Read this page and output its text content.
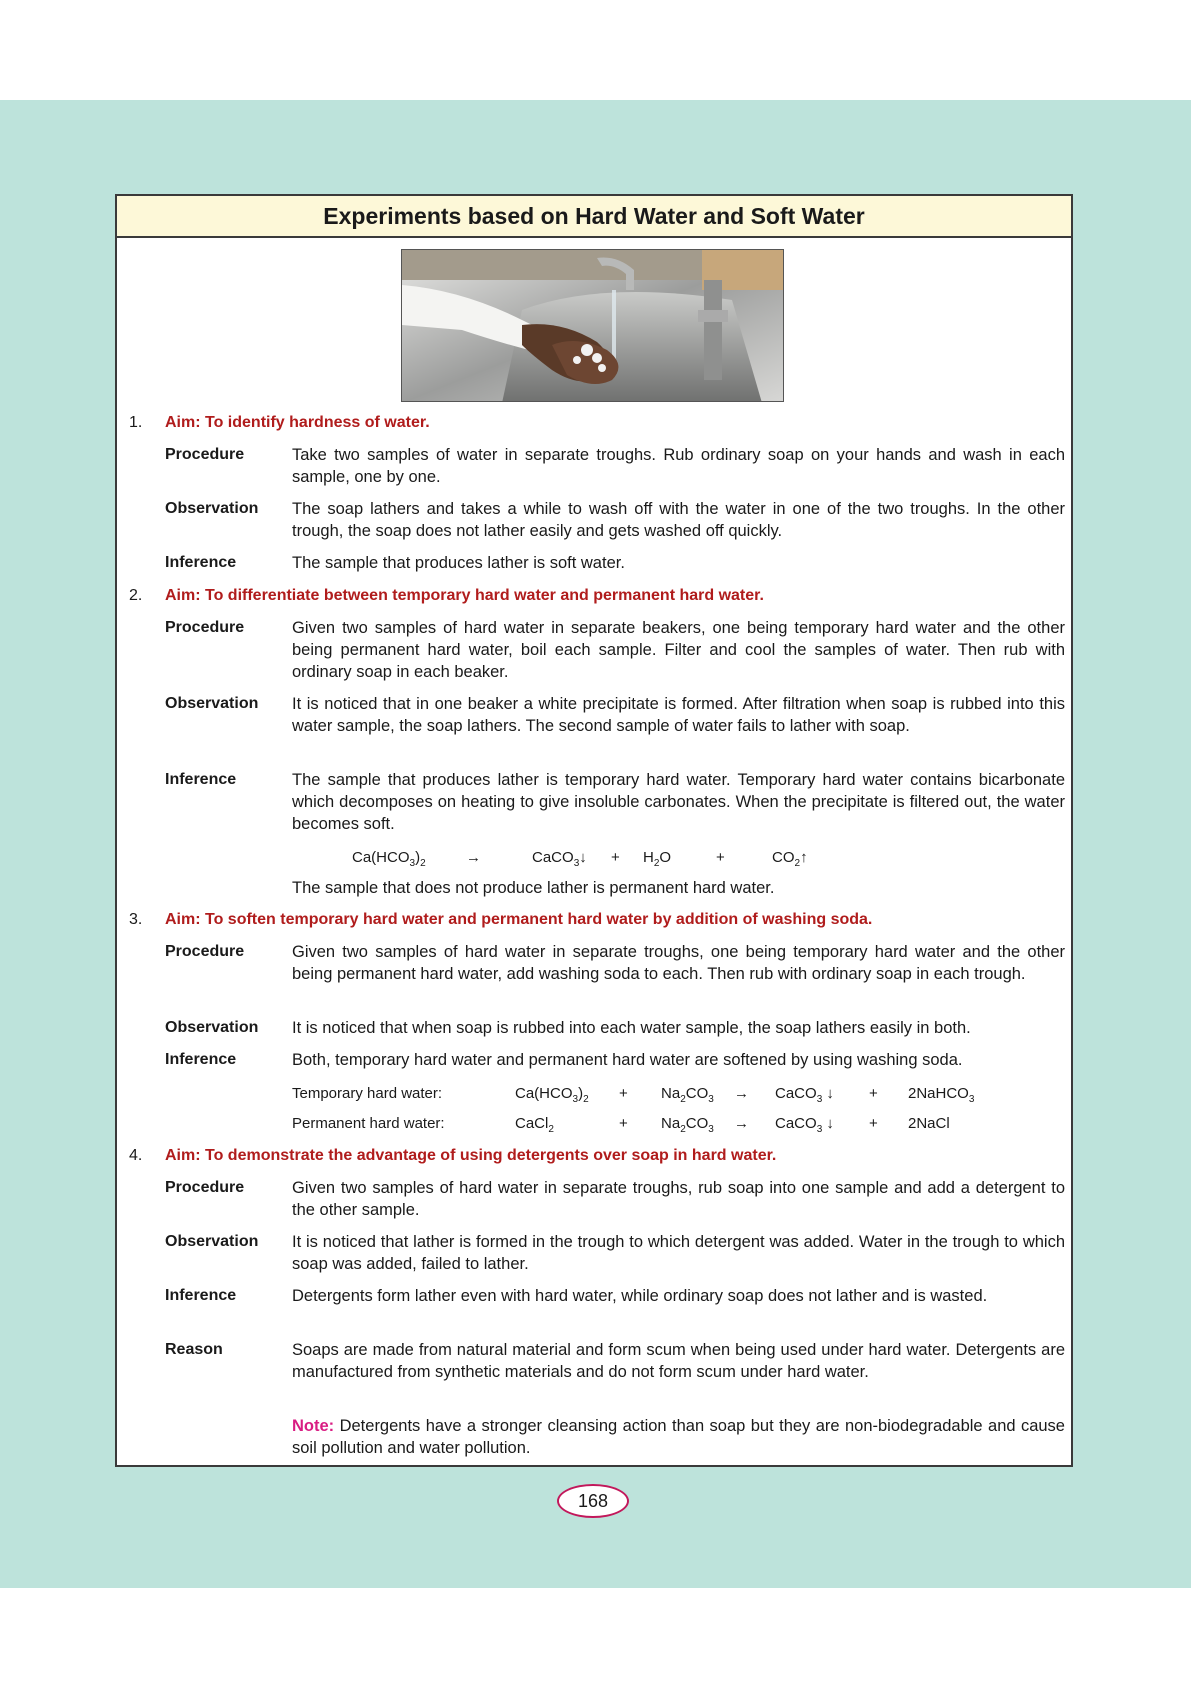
Experiments based on Hard Water and Soft Water
1. Aim: To identify hardness of water.
Procedure	Take two samples of water in separate troughs. Rub ordinary soap on your hands and wash in each sample, one by one.
Observation The soap lathers and takes a while to wash off with the water in one of the two troughs. In the other trough, the soap does not lather easily and gets washed off quickly.
Inference	The sample that produces lather is soft water.
2. Aim: To differentiate between temporary hard water and permanent hard water.
Procedure	Given two samples of hard water in separate beakers, one being temporary hard water and the other being permanent hard water, boil each sample. Filter and cool the samples of water. Then rub with ordinary soap in each beaker.
Observation It is noticed that in one beaker a white precipitate is formed. After filtration when soap is rubbed into this water sample, the soap lathers. The second sample of water fails to lather with soap.
Inference	The sample that produces lather is temporary hard water. Temporary hard water contains bicarbonate which decomposes on heating to give insoluble carbonates. When the precipitate is filtered out, the water becomes soft.
$Ca(HCO_3)_2$	→	CaCO$_3$↓ + $H_2O$	+	$CO_2↑$
The sample that does not produce lather is permanent hard water.
3. Aim: To soften temporary hard water and permanent hard water by addition of washing soda.
Procedure	Given two samples of hard water in separate troughs, one being temporary hard water and the other being permanent hard water, add washing soda to each. Then rub with ordinary soap in each trough.
Observation It is noticed that when soap is rubbed into each water sample, the soap lathers easily in both.
Inference	Both, temporary hard water and permanent hard water are softened by using washing soda.
Temporary hard water:	$Ca(HCO_3)_2 + Na_2CO_3$ → CaCO$_3$ ↓ + 2NaHCO$_3$
Permanent hard water:	CaCl$_2$	+ $Na_2CO_3$ → CaCO$_3$ ↓ + 2NaCl
4. Aim: To demonstrate the advantage of using detergents over soap in hard water.
Procedure	Given two samples of hard water in separate troughs, rub soap into one sample and add a detergent to the other sample.
Observation It is noticed that lather is formed in the trough to which detergent was added. Water in the trough to which soap was added, failed to lather.
Inference	Detergents form lather even with hard water, while ordinary soap does not lather and is wasted.
Reason	Soaps are made from natural material and form scum when being used under hard water. Detergents are manufactured from synthetic materials and do not form scum under hard water.
Note: Detergents have a stronger cleansing action than soap but they are non-biodegradable and cause soil pollution and water pollution.
168
